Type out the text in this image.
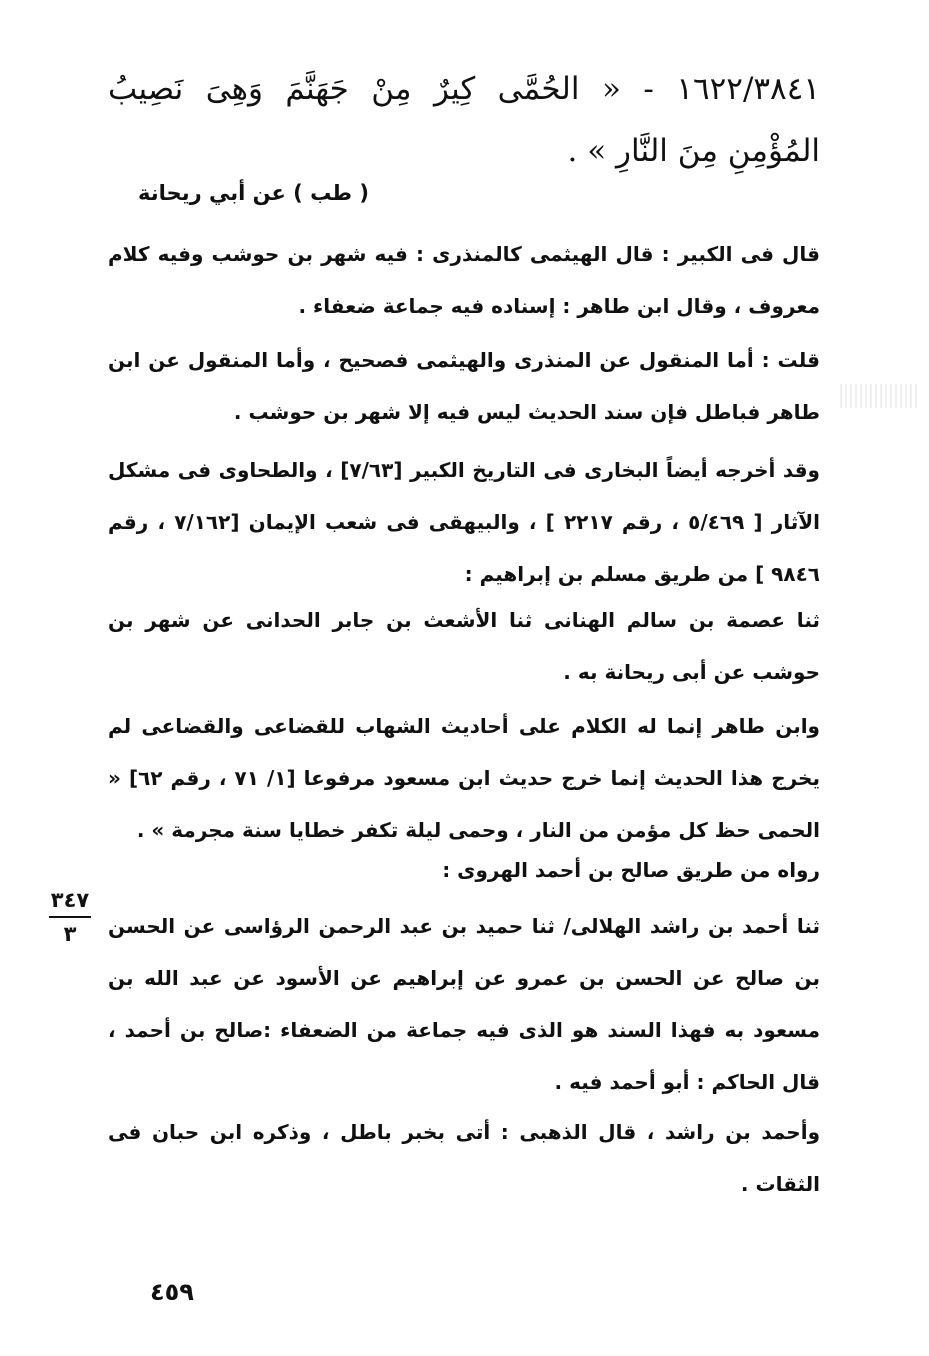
١٦٢٢/٣٨٤١ - « الحُمَّى كِيرٌ مِنْ جَهَنَّمَ وَهِىَ نَصِيبُ المُؤْمِنِ مِنَ النَّارِ » .
( طب ) عن أبي ريحانة
قال فى الكبير : قال الهيثمى كالمنذرى : فيه شهر بن حوشب وفيه كلام معروف ، وقال ابن طاهر : إسناده فيه جماعة ضعفاء .
قلت : أما المنقول عن المنذرى والهيثمى فصحيح ، وأما المنقول عن ابن طاهر فباطل فإن سند الحديث ليس فيه إلا شهر بن حوشب .
وقد أخرجه أيضاً البخارى فى التاريخ الكبير [٧/٦٣] ، والطحاوى فى مشكل الآثار [ ٥/٤٦٩ ، رقم ٢٢١٧ ] ، والبيهقى فى شعب الإيمان [٧/١٦٢ ، رقم ٩٨٤٦ ] من طريق مسلم بن إبراهيم :
ثنا عصمة بن سالم الهنانى ثنا الأشعث بن جابر الحدانى عن شهر بن حوشب عن أبى ريحانة به .
وابن طاهر إنما له الكلام على أحاديث الشهاب للقضاعى والقضاعى لم يخرج هذا الحديث إنما خرج حديث ابن مسعود مرفوعا [١/ ٧١ ، رقم ٦٢] « الحمى حظ كل مؤمن من النار ، وحمى ليلة تكفر خطايا سنة مجرمة » .
رواه من طريق صالح بن أحمد الهروى :
ثنا أحمد بن راشد الهلالى/ ثنا حميد بن عبد الرحمن الرؤاسى عن الحسن بن صالح عن الحسن بن عمرو عن إبراهيم عن الأسود عن عبد الله بن مسعود به فهذا السند هو الذى فيه جماعة من الضعفاء :صالح بن أحمد ، قال الحاكم : أبو أحمد فيه .
وأحمد بن راشد ، قال الذهبى : أتى بخبر باطل ، وذكره ابن حبان فى الثقات .
٣٤٧
٣
٤٥٩
